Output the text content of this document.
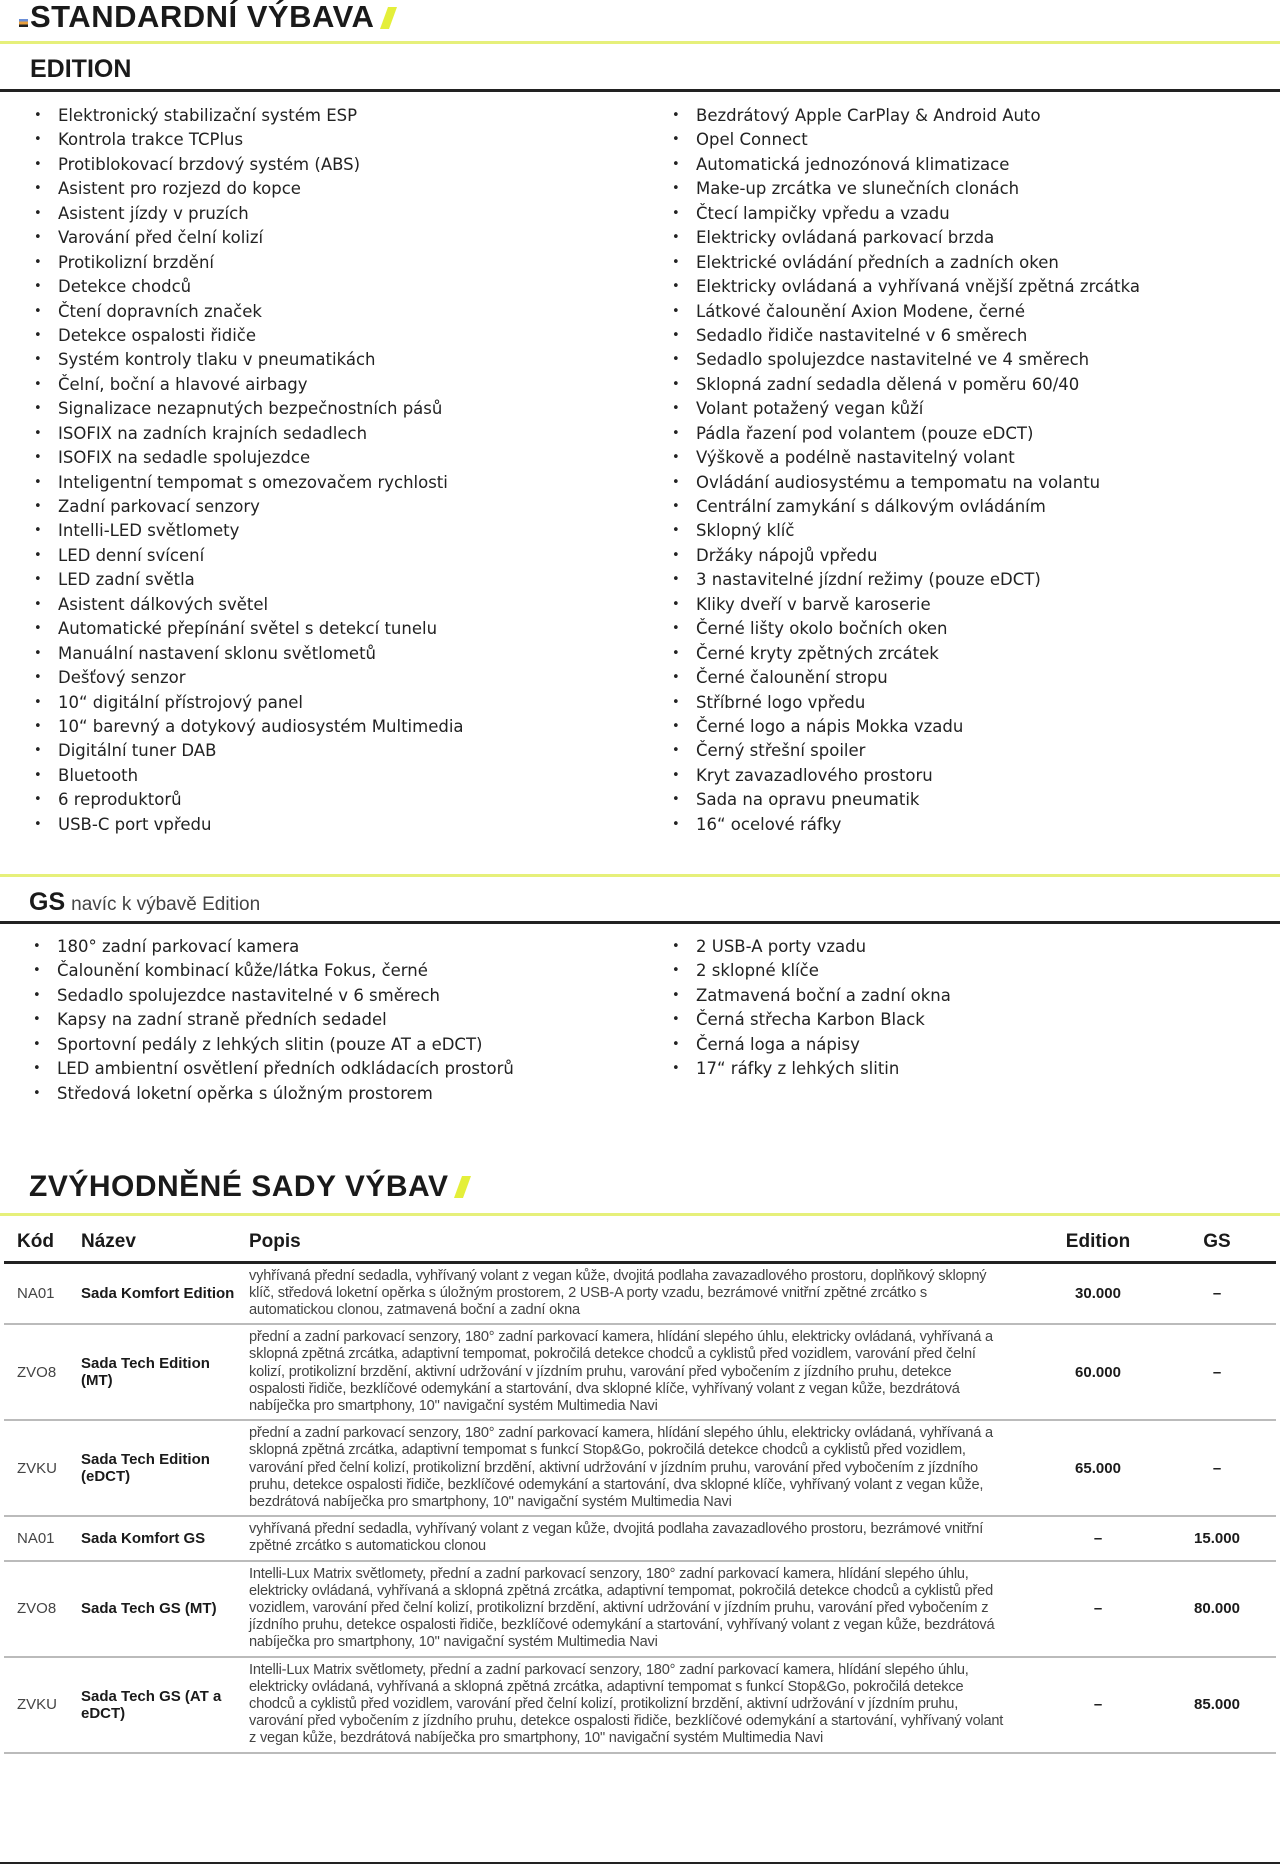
STANDARDNÍ VÝBAVA
EDITION
• Elektronický stabilizační systém ESP
• Kontrola trakce TCPlus
• Protiblokovací brzdový systém (ABS)
• Asistent pro rozjezd do kopce
• Asistent jízdy v pruzích
• Varování před čelní kolizí
• Protikolizní brzdění
• Detekce chodců
• Čtení dopravních značek
• Detekce ospalosti řidiče
• Systém kontroly tlaku v pneumatikách
• Čelní, boční a hlavové airbagy
• Signalizace nezapnutých bezpečnostních pásů
• ISOFIX na zadních krajních sedadlech
• ISOFIX na sedadle spolujezdce
• Inteligentní tempomat s omezovačem rychlosti
• Zadní parkovací senzory
• Intelli-LED světlomety
• LED denní svícení
• LED zadní světla
• Asistent dálkových světel
• Automatické přepínání světel s detekcí tunelu
• Manuální nastavení sklonu světlometů
• Dešťový senzor
• 10“ digitální přístrojový panel
• 10“ barevný a dotykový audiosystém Multimedia
• Digitální tuner DAB
• Bluetooth
• 6 reproduktorů
• USB-C port vpředu
• Bezdrátový Apple CarPlay & Android Auto
• Opel Connect
• Automatická jednozónová klimatizace
• Make-up zrcátka ve slunečních clonách
• Čtecí lampičky vpředu a vzadu
• Elektricky ovládaná parkovací brzda
• Elektrické ovládání předních a zadních oken
• Elektricky ovládaná a vyhřívaná vnější zpětná zrcátka
• Látkové čalounění Axion Modene, černé
• Sedadlo řidiče nastavitelné v 6 směrech
• Sedadlo spolujezdce nastavitelné ve 4 směrech
• Sklopná zadní sedadla dělená v poměru 60/40
• Volant potažený vegan kůží
• Pádla řazení pod volantem (pouze eDCT)
• Výškově a podélně nastavitelný volant
• Ovládání audiosystému a tempomatu na volantu
• Centrální zamykání s dálkovým ovládáním
• Sklopný klíč
• Držáky nápojů vpředu
• 3 nastavitelné jízdní režimy (pouze eDCT)
• Kliky dveří v barvě karoserie
• Černé lišty okolo bočních oken
• Černé kryty zpětných zrcátek
• Černé čalounění stropu
• Stříbrné logo vpředu
• Černé logo a nápis Mokka vzadu
• Černý střešní spoiler
• Kryt zavazadlového prostoru
• Sada na opravu pneumatik
• 16“ ocelové ráfky
GS navíc k výbavě Edition
• 180° zadní parkovací kamera
• Čalounění kombinací kůže/látka Fokus, černé
• Sedadlo spolujezdce nastavitelné v 6 směrech
• Kapsy na zadní straně předních sedadel
• Sportovní pedály z lehkých slitin (pouze AT a eDCT)
• LED ambientní osvětlení předních odkládacích prostorů
• Středová loketní opěrka s úložným prostorem
• 2 USB-A porty vzadu
• 2 sklopné klíče
• Zatmavená boční a zadní okna
• Černá střecha Karbon Black
• Černá loga a nápisy
• 17“ ráfky z lehkých slitin
ZVÝHODNĚNÉ SADY VÝBAV
Kód	Název	Popis	Edition	GS
NA01	Sada Komfort Edition	vyhřívaná přední sedadla, vyhřívaný volant z vegan kůže, dvojitá podlaha zavazadlového prostoru, doplňkový sklopný klíč, středová loketní opěrka s úložným prostorem, 2 USB-A porty vzadu, bezrámové vnitřní zpětné zrcátko s automatickou clonou, zatmavená boční a zadní okna	30.000	–
ZVO8	Sada Tech Edition (MT)	přední a zadní parkovací senzory, 180° zadní parkovací kamera, hlídání slepého úhlu, elektricky ovládaná, vyhřívaná a sklopná zpětná zrcátka, adaptivní tempomat, pokročilá detekce chodců a cyklistů před vozidlem, varování před čelní kolizí, protikolizní brzdění, aktivní udržování v jízdním pruhu, varování před vybočením z jízdního pruhu, detekce ospalosti řidiče, bezklíčové odemykání a startování, dva sklopné klíče, vyhřívaný volant z vegan kůže, bezdrátová nabíječka pro smartphony, 10" navigační systém Multimedia Navi	60.000	–
ZVKU	Sada Tech Edition (eDCT)	přední a zadní parkovací senzory, 180° zadní parkovací kamera, hlídání slepého úhlu, elektricky ovládaná, vyhřívaná a sklopná zpětná zrcátka, adaptivní tempomat s funkcí Stop&Go, pokročilá detekce chodců a cyklistů před vozidlem, varování před čelní kolizí, protikolizní brzdění, aktivní udržování v jízdním pruhu, varování před vybočením z jízdního pruhu, detekce ospalosti řidiče, bezklíčové odemykání a startování, dva sklopné klíče, vyhřívaný volant z vegan kůže, bezdrátová nabíječka pro smartphony, 10" navigační systém Multimedia Navi	65.000	–
NA01	Sada Komfort GS	vyhřívaná přední sedadla, vyhřívaný volant z vegan kůže, dvojitá podlaha zavazadlového prostoru, bezrámové vnitřní zpětné zrcátko s automatickou clonou	–	15.000
ZVO8	Sada Tech GS (MT)	Intelli-Lux Matrix světlomety, přední a zadní parkovací senzory, 180° zadní parkovací kamera, hlídání slepého úhlu, elektricky ovládaná, vyhřívaná a sklopná zpětná zrcátka, adaptivní tempomat, pokročilá detekce chodců a cyklistů před vozidlem, varování před čelní kolizí, protikolizní brzdění, aktivní udržování v jízdním pruhu, varování před vybočením z jízdního pruhu, detekce ospalosti řidiče, bezklíčové odemykání a startování, vyhřívaný volant z vegan kůže, bezdrátová nabíječka pro smartphony, 10" navigační systém Multimedia Navi	–	80.000
ZVKU	Sada Tech GS (AT a eDCT)	Intelli-Lux Matrix světlomety, přední a zadní parkovací senzory, 180° zadní parkovací kamera, hlídání slepého úhlu, elektricky ovládaná, vyhřívaná a sklopná zpětná zrcátka, adaptivní tempomat s funkcí Stop&Go, pokročilá detekce chodců a cyklistů před vozidlem, varování před čelní kolizí, protikolizní brzdění, aktivní udržování v jízdním pruhu, varování před vybočením z jízdního pruhu, detekce ospalosti řidiče, bezklíčové odemykání a startování, vyhřívaný volant z vegan kůže, bezdrátová nabíječka pro smartphony, 10" navigační systém Multimedia Navi	–	85.000
